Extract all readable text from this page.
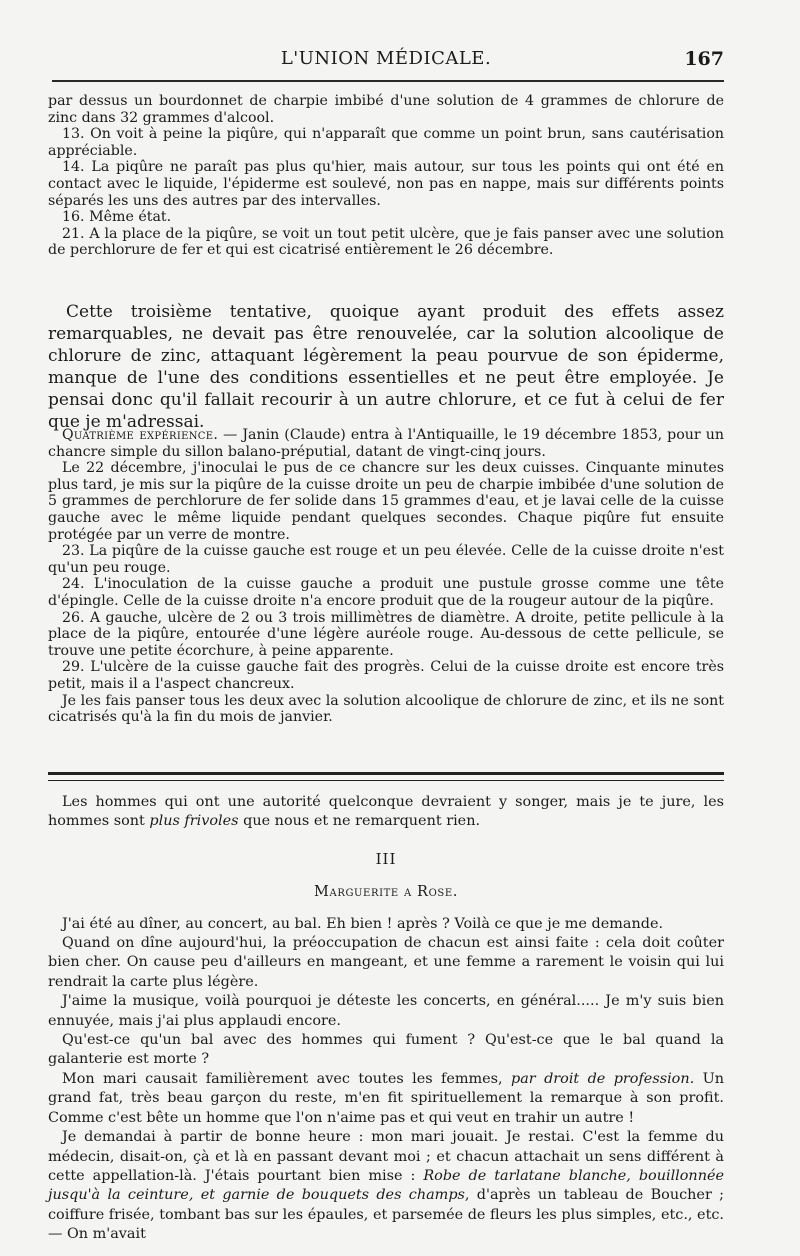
L'UNION MÉDICALE.	167

par dessus un bourdonnet de charpie imbibé d'une solution de 4 grammes de chlorure de zinc dans 32 grammes d'alcool.

13. On voit à peine la piqûre, qui n'apparaît que comme un point brun, sans cautérisation appréciable.

14. La piqûre ne paraît pas plus qu'hier, mais autour, sur tous les points qui ont été en contact avec le liquide, l'épiderme est soulevé, non pas en nappe, mais sur différents points séparés les uns des autres par des intervalles.

16. Même état.

21. A la place de la piqûre, se voit un tout petit ulcère, que je fais panser avec une solution de perchlorure de fer et qui est cicatrisé entièrement le 26 décembre.

Cette troisième tentative, quoique ayant produit des effets assez remarquables, ne devait pas être renouvelée, car la solution alcoolique de chlorure de zinc, attaquant légèrement la peau pourvue de son épiderme, manque de l'une des conditions essentielles et ne peut être employée. Je pensai donc qu'il fallait recourir à un autre chlorure, et ce fut à celui de fer que je m'adressai.

Quatrième expérience. — Janin (Claude) entra à l'Antiquaille, le 19 décembre 1853, pour un chancre simple du sillon balano-préputial, datant de vingt-cinq jours.

Le 22 décembre, j'inoculai le pus de ce chancre sur les deux cuisses. Cinquante minutes plus tard, je mis sur la piqûre de la cuisse droite un peu de charpie imbibée d'une solution de 5 grammes de perchlorure de fer solide dans 15 grammes d'eau, et je lavai celle de la cuisse gauche avec le même liquide pendant quelques secondes. Chaque piqûre fut ensuite protégée par un verre de montre.

23. La piqûre de la cuisse gauche est rouge et un peu élevée. Celle de la cuisse droite n'est qu'un peu rouge.

24. L'inoculation de la cuisse gauche a produit une pustule grosse comme une tête d'épingle. Celle de la cuisse droite n'a encore produit que de la rougeur autour de la piqûre.

26. A gauche, ulcère de 2 ou 3 trois millimètres de diamètre. A droite, petite pellicule à la place de la piqûre, entourée d'une légère auréole rouge. Au-dessous de cette pellicule, se trouve une petite écorchure, à peine apparente.

29. L'ulcère de la cuisse gauche fait des progrès. Celui de la cuisse droite est encore très petit, mais il a l'aspect chancreux.

Je les fais panser tous les deux avec la solution alcoolique de chlorure de zinc, et ils ne sont cicatrisés qu'à la fin du mois de janvier.

Les hommes qui ont une autorité quelconque devraient y songer, mais je te jure, les hommes sont plus frivoles que nous et ne remarquent rien.

III
Marguerite a Rose.

J'ai été au dîner, au concert, au bal. Eh bien ! après ? Voilà ce que je me demande.

Quand on dîne aujourd'hui, la préoccupation de chacun est ainsi faite : cela doit coûter bien cher. On cause peu d'ailleurs en mangeant, et une femme a rarement le voisin qui lui rendrait la carte plus légère.

J'aime la musique, voilà pourquoi je déteste les concerts, en général..... Je m'y suis bien ennuyée, mais j'ai plus applaudi encore.

Qu'est-ce qu'un bal avec des hommes qui fument ? Qu'est-ce que le bal quand la galanterie est morte ?

Mon mari causait familièrement avec toutes les femmes, par droit de profession. Un grand fat, très beau garçon du reste, m'en fit spirituellement la remarque à son profit. Comme c'est bête un homme que l'on n'aime pas et qui veut en trahir un autre !

Je demandai à partir de bonne heure : mon mari jouait. Je restai. C'est la femme du médecin, disait-on, çà et là en passant devant moi ; et chacun attachait un sens différent à cette appellation-là. J'étais pourtant bien mise : Robe de tarlatane blanche, bouillonnée jusqu'à la ceinture, et garnie de bouquets des champs, d'après un tableau de Boucher ; coiffure frisée, tombant bas sur les épaules, et parsemée de fleurs les plus simples, etc., etc. — On m'avait
